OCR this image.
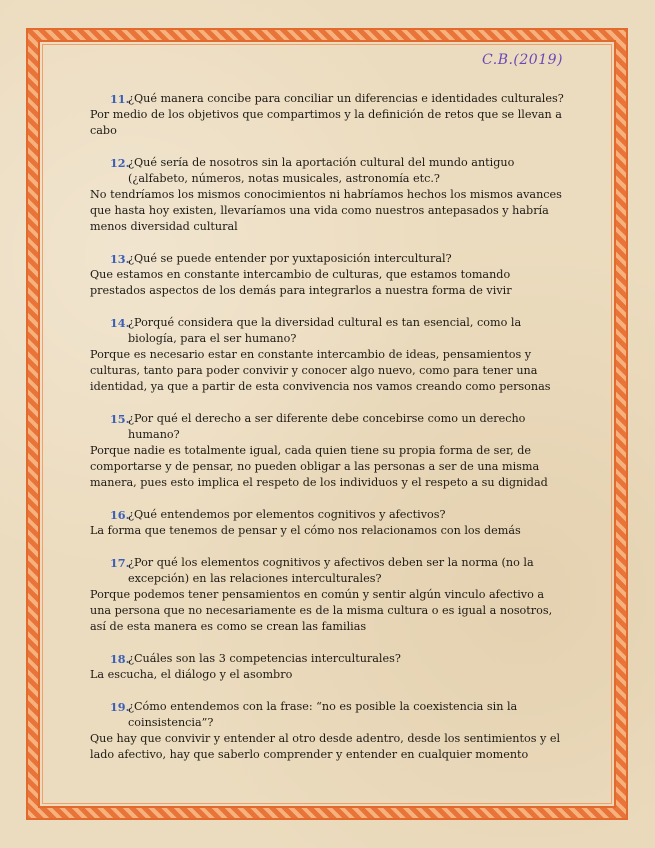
C.B.(2019)
11.
¿Qué manera concibe para conciliar un diferencias e identidades culturales?

Por medio de los objetivos que compartimos y la definición de retos que se llevan a cabo

12.
¿Qué sería de nosotros sin la aportación cultural del mundo antiguo (¿alfabeto, números, notas musicales, astronomía etc.?

No tendríamos los mismos conocimientos ni habríamos hechos los mismos avances que hasta hoy existen, llevaríamos una vida como nuestros antepasados y habría menos diversidad cultural

13.
¿Qué se puede entender por yuxtaposición intercultural?

Que estamos en constante intercambio de culturas, que estamos tomando prestados aspectos de los demás para integrarlos a nuestra forma de vivir

14.
¿Porqué considera que la diversidad cultural es tan esencial, como la biología, para el ser humano?

Porque es necesario estar en constante intercambio de ideas, pensamientos y culturas, tanto para poder convivir y conocer algo nuevo, como para tener una identidad, ya que a partir de esta convivencia nos vamos creando como personas

15.
¿Por qué el derecho a ser diferente debe concebirse como un derecho humano?

Porque nadie es totalmente igual, cada quien tiene su propia forma de ser, de comportarse y de pensar, no pueden obligar a las personas a ser de una misma manera, pues esto implica el respeto de los individuos y el respeto a su dignidad

16.
¿Qué entendemos por elementos cognitivos y afectivos?

La forma que tenemos de pensar y el cómo nos relacionamos con los demás

17.
¿Por qué los elementos cognitivos y afectivos deben ser la norma (no la excepción) en las relaciones interculturales?

Porque podemos tener pensamientos en común y sentir algún vinculo afectivo a una persona que no necesariamente es de la misma cultura o es igual a nosotros, así de esta manera es como se crean las familias

18.
¿Cuáles son las 3 competencias interculturales?

La escucha, el diálogo y el asombro

19.
¿Cómo entendemos con la frase: “no es posible la coexistencia sin la coinsistencia”?

Que hay que convivir y entender al otro desde adentro, desde los sentimientos y el lado afectivo, hay que saberlo comprender y entender en cualquier momento
